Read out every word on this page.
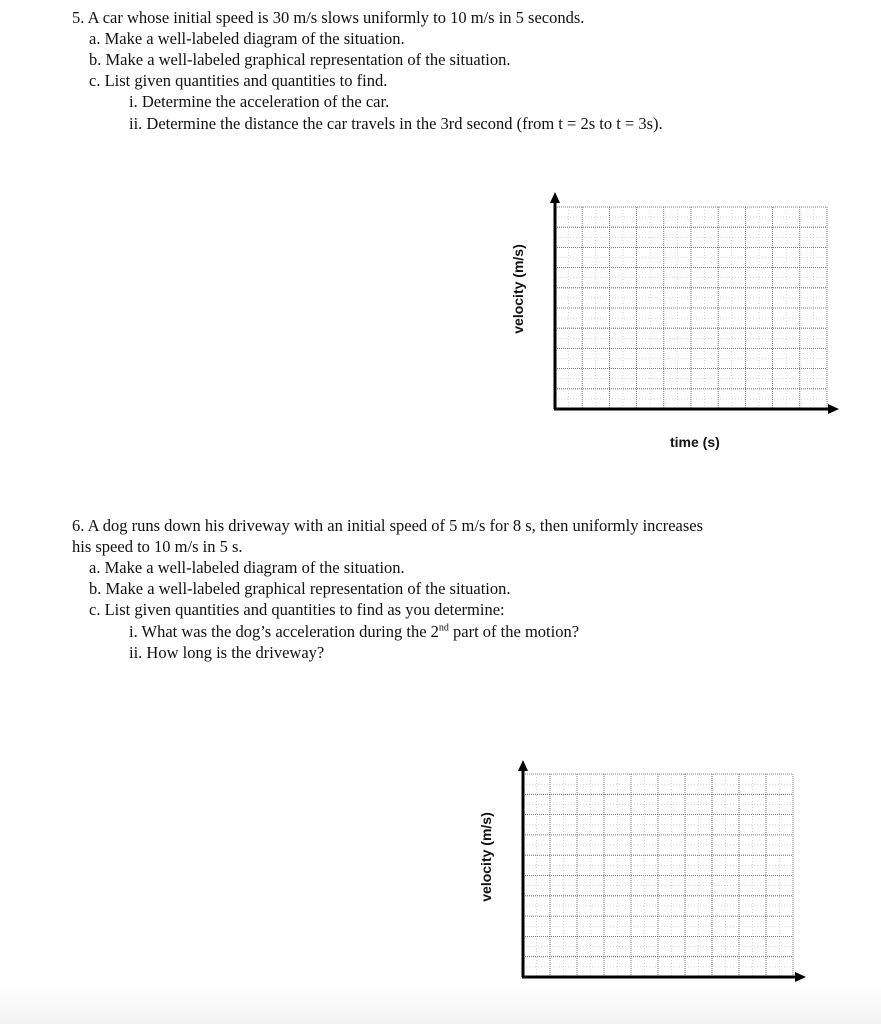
5. A car whose initial speed is 30 m/s slows uniformly to 10 m/s in 5 seconds.
a. Make a well-labeled diagram of the situation.
b. Make a well-labeled graphical representation of the situation.
c. List given quantities and quantities to find.
i. Determine the acceleration of the car.
ii. Determine the distance the car travels in the 3rd second (from t = 2s to t = 3s).
velocity (m/s)
time (s)
6. A dog runs down his driveway with an initial speed of 5 m/s for 8 s, then uniformly increases
his speed to 10 m/s in 5 s.
a. Make a well-labeled diagram of the situation.
b. Make a well-labeled graphical representation of the situation.
c. List given quantities and quantities to find as you determine:
i. What was the dog’s acceleration during the 2nd part of the motion?
ii. How long is the driveway?
velocity (m/s)
